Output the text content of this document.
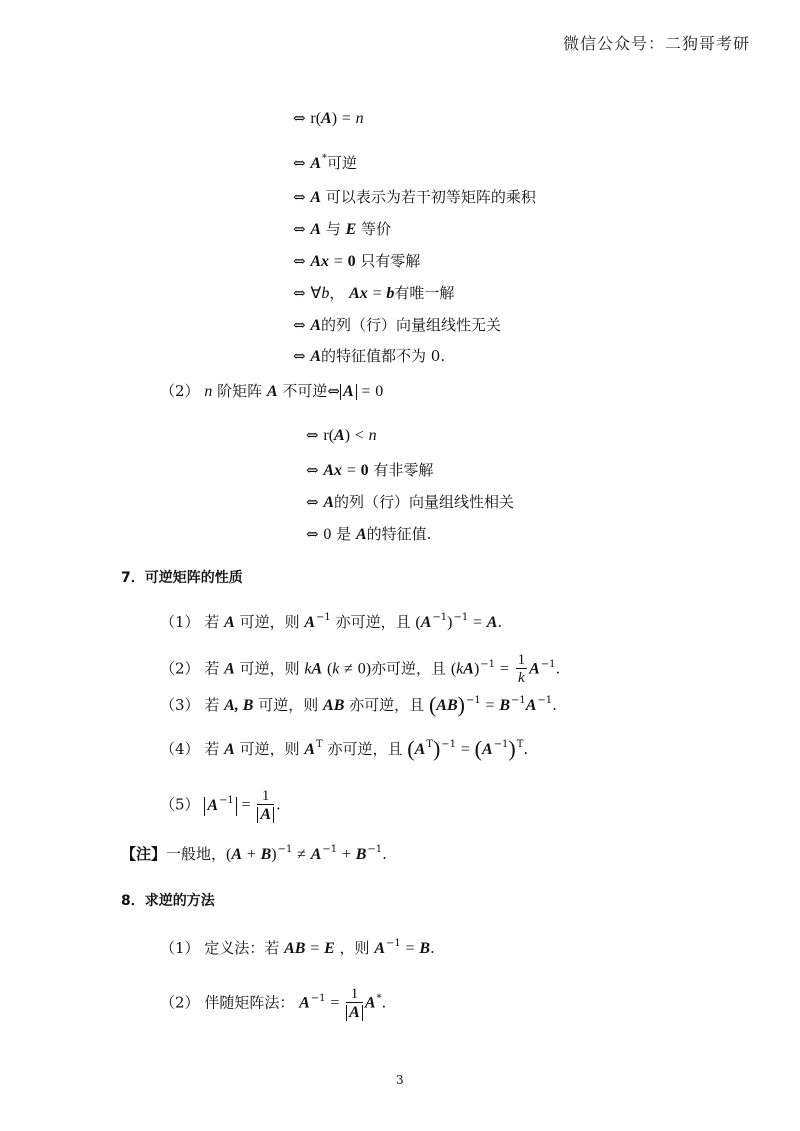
微信公众号：二狗哥考研
⇔ r(A) = n
⇔ A*可逆
⇔ A 可以表示为若干初等矩阵的乘积
⇔ A 与 E 等价
⇔ Ax = 0 只有零解
⇔ ∀b， Ax = b有唯一解
⇔ A的列（行）向量组线性无关
⇔ A的特征值都不为 0.
（2） n 阶矩阵 A 不可逆⇔ A = 0
⇔ r(A) < n
⇔ Ax = 0 有非零解
⇔ A的列（行）向量组线性相关
⇔ 0 是 A的特征值.
7．可逆矩阵的性质
（1） 若 A 可逆，则 $A^{-1}$ 亦可逆，且 $(A^{-1})^{-1} = A$.
（2） 若 A 可逆，则 kA (k ≠ 0)亦可逆，且 $(kA)^{-1} = \frac{1}{k} A^{-1}$.
（3） 若 A, B 可逆，则 AB 亦可逆，且 $(AB)^{-1} = B^{-1}A^{-1}$.
（4） 若 A 可逆，则 $A^T$ 亦可逆，且 $(A^T)^{-1} = (A^{-1})^T$.
（5） $A^{-1} = \frac{1}{A}$ .
【注】一般地，$(A + B)^{-1} \ne A^{-1} + B^{-1}$.
8．求逆的方法
（1） 定义法：若 AB = E ，则 $A^{-1} = B$.
（2） 伴随矩阵法： $A^{-1} = \frac{1}{A} A^*$.
3
